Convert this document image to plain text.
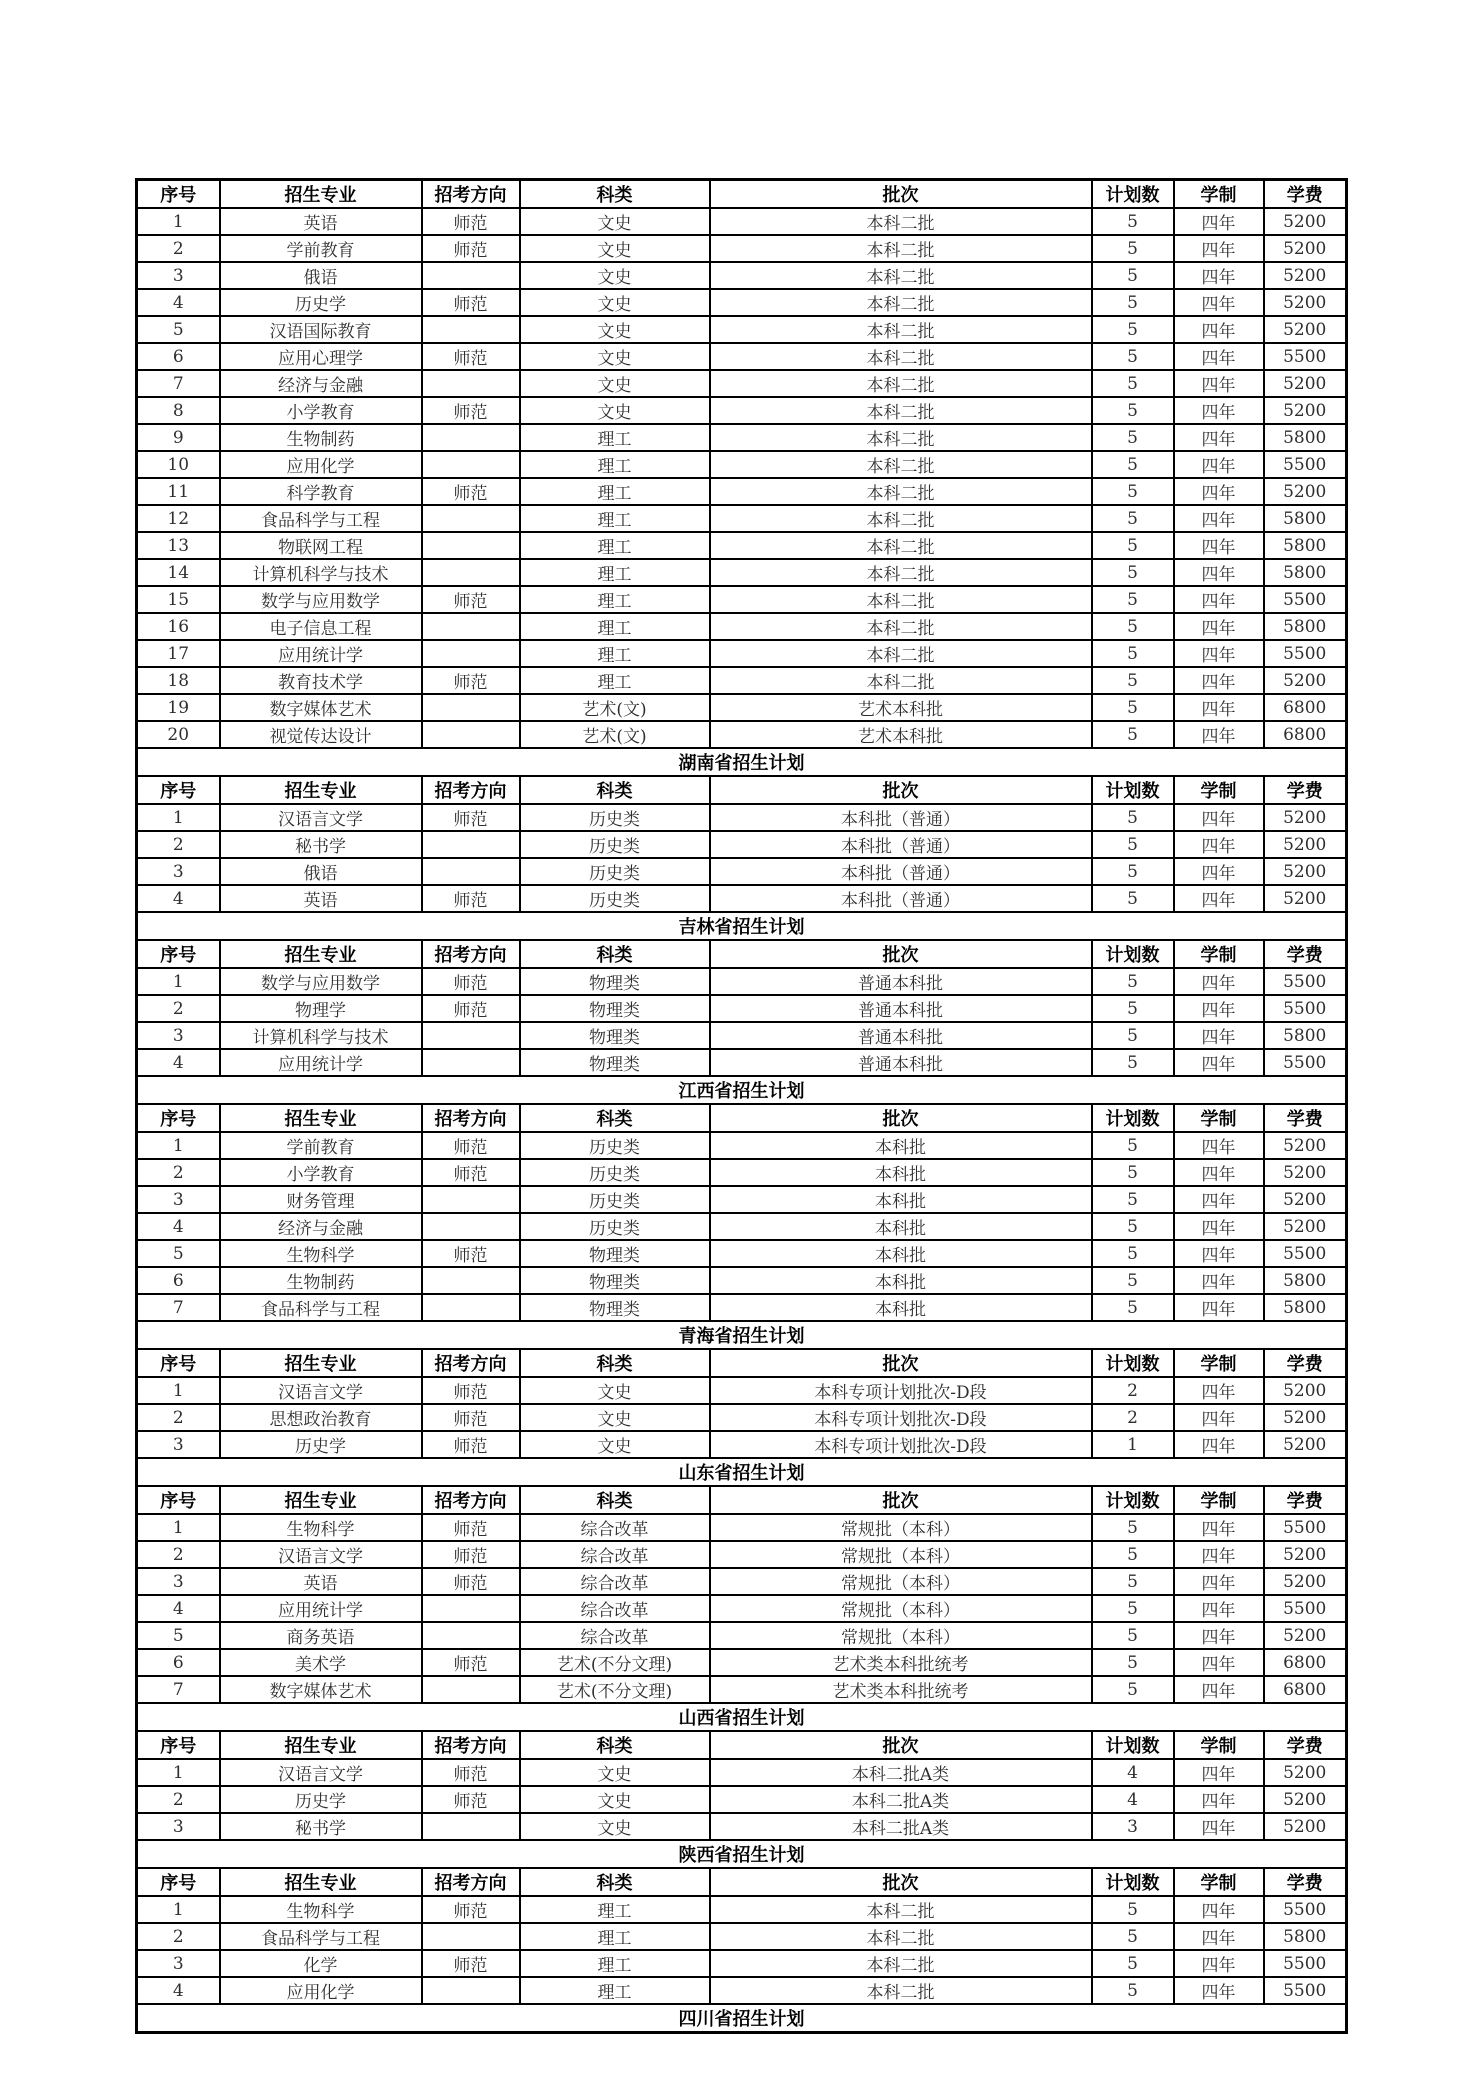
序号	招生专业	招考方向	科类	批次	计划数	学制	学费
1	英语	师范	文史	本科二批	5	四年	5200
2	学前教育	师范	文史	本科二批	5	四年	5200
3	俄语		文史	本科二批	5	四年	5200
4	历史学	师范	文史	本科二批	5	四年	5200
5	汉语国际教育		文史	本科二批	5	四年	5200
6	应用心理学	师范	文史	本科二批	5	四年	5500
7	经济与金融		文史	本科二批	5	四年	5200
8	小学教育	师范	文史	本科二批	5	四年	5200
9	生物制药		理工	本科二批	5	四年	5800
10	应用化学		理工	本科二批	5	四年	5500
11	科学教育	师范	理工	本科二批	5	四年	5200
12	食品科学与工程		理工	本科二批	5	四年	5800
13	物联网工程		理工	本科二批	5	四年	5800
14	计算机科学与技术		理工	本科二批	5	四年	5800
15	数学与应用数学	师范	理工	本科二批	5	四年	5500
16	电子信息工程		理工	本科二批	5	四年	5800
17	应用统计学		理工	本科二批	5	四年	5500
18	教育技术学	师范	理工	本科二批	5	四年	5200
19	数字媒体艺术		艺术(文)	艺术本科批	5	四年	6800
20	视觉传达设计		艺术(文)	艺术本科批	5	四年	6800
湖南省招生计划							
序号	招生专业	招考方向	科类	批次	计划数	学制	学费
1	汉语言文学	师范	历史类	本科批（普通）	5	四年	5200
2	秘书学		历史类	本科批（普通）	5	四年	5200
3	俄语		历史类	本科批（普通）	5	四年	5200
4	英语	师范	历史类	本科批（普通）	5	四年	5200
吉林省招生计划							
序号	招生专业	招考方向	科类	批次	计划数	学制	学费
1	数学与应用数学	师范	物理类	普通本科批	5	四年	5500
2	物理学	师范	物理类	普通本科批	5	四年	5500
3	计算机科学与技术		物理类	普通本科批	5	四年	5800
4	应用统计学		物理类	普通本科批	5	四年	5500
江西省招生计划							
序号	招生专业	招考方向	科类	批次	计划数	学制	学费
1	学前教育	师范	历史类	本科批	5	四年	5200
2	小学教育	师范	历史类	本科批	5	四年	5200
3	财务管理		历史类	本科批	5	四年	5200
4	经济与金融		历史类	本科批	5	四年	5200
5	生物科学	师范	物理类	本科批	5	四年	5500
6	生物制药		物理类	本科批	5	四年	5800
7	食品科学与工程		物理类	本科批	5	四年	5800
青海省招生计划							
序号	招生专业	招考方向	科类	批次	计划数	学制	学费
1	汉语言文学	师范	文史	本科专项计划批次-D段	2	四年	5200
2	思想政治教育	师范	文史	本科专项计划批次-D段	2	四年	5200
3	历史学	师范	文史	本科专项计划批次-D段	1	四年	5200
山东省招生计划							
序号	招生专业	招考方向	科类	批次	计划数	学制	学费
1	生物科学	师范	综合改革	常规批（本科）	5	四年	5500
2	汉语言文学	师范	综合改革	常规批（本科）	5	四年	5200
3	英语	师范	综合改革	常规批（本科）	5	四年	5200
4	应用统计学		综合改革	常规批（本科）	5	四年	5500
5	商务英语		综合改革	常规批（本科）	5	四年	5200
6	美术学	师范	艺术(不分文理)	艺术类本科批统考	5	四年	6800
7	数字媒体艺术		艺术(不分文理)	艺术类本科批统考	5	四年	6800
山西省招生计划							
序号	招生专业	招考方向	科类	批次	计划数	学制	学费
1	汉语言文学	师范	文史	本科二批A类	4	四年	5200
2	历史学	师范	文史	本科二批A类	4	四年	5200
3	秘书学		文史	本科二批A类	3	四年	5200
陕西省招生计划							
序号	招生专业	招考方向	科类	批次	计划数	学制	学费
1	生物科学	师范	理工	本科二批	5	四年	5500
2	食品科学与工程		理工	本科二批	5	四年	5800
3	化学	师范	理工	本科二批	5	四年	5500
4	应用化学		理工	本科二批	5	四年	5500
四川省招生计划							
